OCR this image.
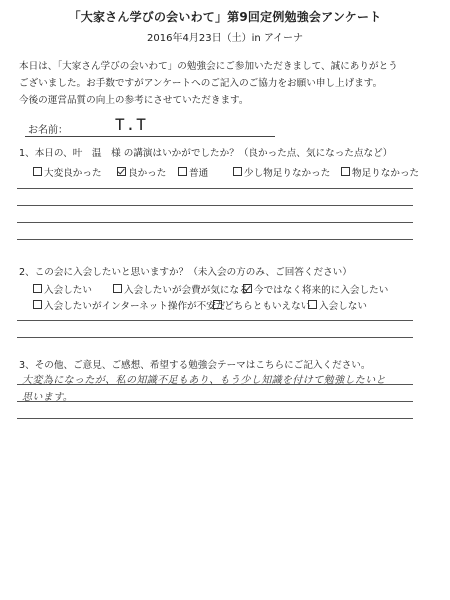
「大家さん学びの会いわて」第9回定例勉強会アンケート
2016年4月23日（土）in アイーナ
本日は、「大家さん学びの会いわて」の勉強会にご参加いただきまして、誠にありがとう
ございました。お手数ですがアンケートへのご記入のご協力をお願い申し上げます。
今後の運営品質の向上の参考にさせていただきます。
お名前：	T.T
1、本日の、叶　温　様 の講演はいかがでしたか？（良かった点、気になった点など）
大変良かった	良かった	普通	少し物足りなかった	物足りなかった
2、この会に入会したいと思いますか？（未入会の方のみ、ご回答ください）
入会したい	入会したいが会費が気になる 今ではなく将来的に入会したい
入会したいがインターネット操作が不安だ
どちらともいえない 入会しない
3、その他、ご意見、ご感想、希望する勉強会テーマはこちらにご記入ください。
大変為になったが、私の知識不足もあり、もう少し知識を付けて勉強したいと
思います。
